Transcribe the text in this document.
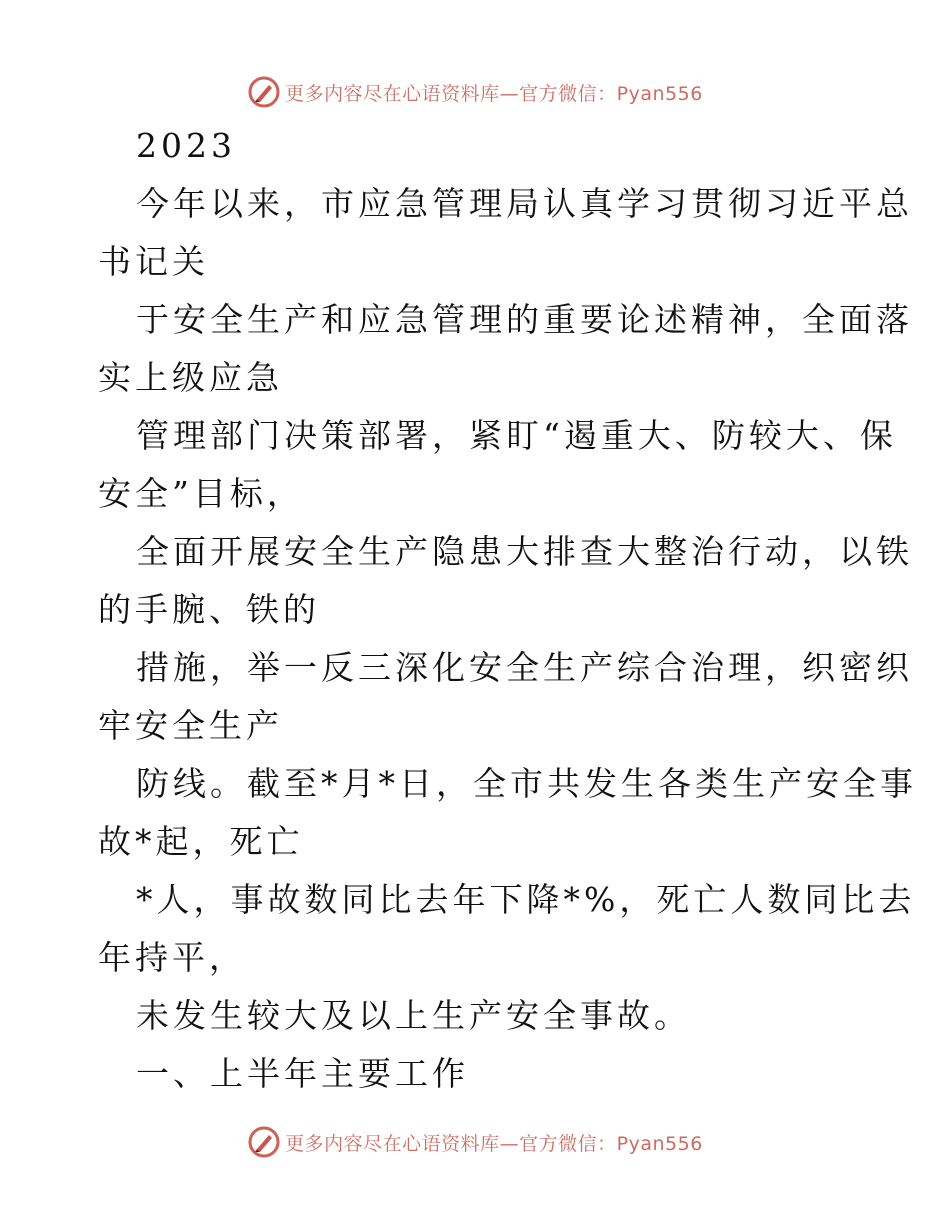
更多内容尽在心语资料库—官方微信：Pyan556
2023
今年以来，市应急管理局认真学习贯彻习近平总
书记关
于安全生产和应急管理的重要论述精神，全面落
实上级应急
管理部门决策部署，紧盯“遏重大、防较大、保
安全”目标，
全面开展安全生产隐患大排查大整治行动，以铁
的手腕、铁的
措施，举一反三深化安全生产综合治理，织密织
牢安全生产
防线。截至*月*日，全市共发生各类生产安全事
故*起，死亡
*人，事故数同比去年下降*%，死亡人数同比去
年持平，
未发生较大及以上生产安全事故。
一、上半年主要工作
更多内容尽在心语资料库—官方微信：Pyan556
